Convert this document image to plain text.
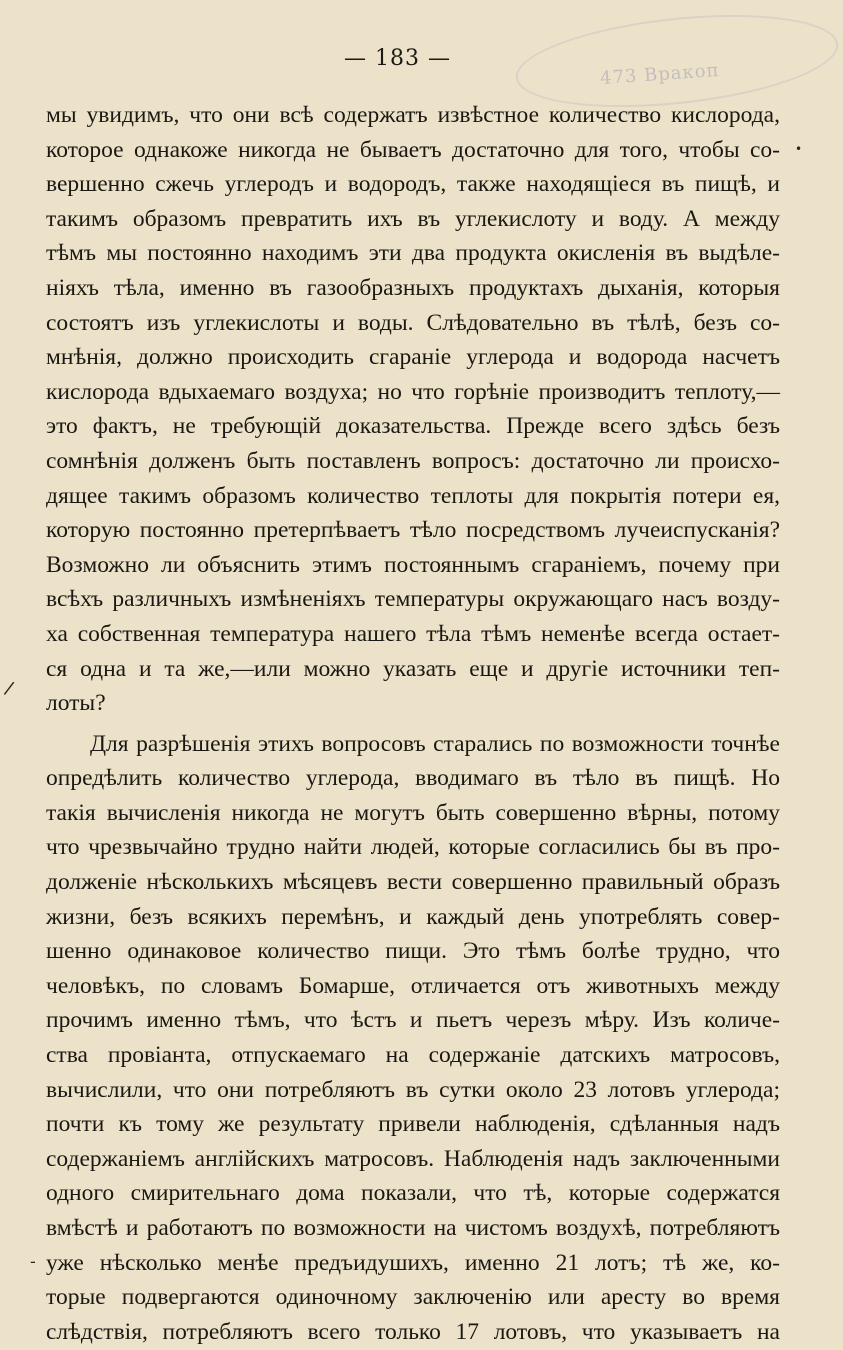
473 Вракоп
— 183 —
мы увидимъ, что они всѣ содержатъ извѣстное количество кислорода,
которое однакоже никогда не бываетъ достаточно для того, чтобы со-
вершенно сжечь углеродъ и водородъ, также находящіеся въ пищѣ, и
такимъ образомъ превратить ихъ въ углекислоту и воду. А между
тѣмъ мы постоянно находимъ эти два продукта окисленія въ выдѣле-
ніяхъ тѣла, именно въ газообразныхъ продуктахъ дыханія, которыя
состоятъ изъ углекислоты и воды. Слѣдовательно въ тѣлѣ, безъ со-
мнѣнія, должно происходить сгараніе углерода и водорода насчетъ
кислорода вдыхаемаго воздуха; но что горѣніе производитъ теплоту,—
это фактъ, не требующій доказательства. Прежде всего здѣсь безъ
сомнѣнія долженъ быть поставленъ вопросъ: достаточно ли происхо-
дящее такимъ образомъ количество теплоты для покрытія потери ея,
которую постоянно претерпѣваетъ тѣло посредствомъ лучеиспусканія?
Возможно ли объяснить этимъ постояннымъ сгараніемъ, почему при
всѣхъ различныхъ измѣненіяхъ температуры окружающаго насъ возду-
ха собственная температура нашего тѣла тѣмъ неменѣе всегда остает-
ся одна и та же,—или можно указать еще и другіе источники теп-
лоты?
Для разрѣшенія этихъ вопросовъ старались по возможности точнѣе
опредѣлить количество углерода, вводимаго въ тѣло въ пищѣ. Но
такія вычисленія никогда не могутъ быть совершенно вѣрны, потому
что чрезвычайно трудно найти людей, которые согласились бы въ про-
долженіе нѣсколькихъ мѣсяцевъ вести совершенно правильный образъ
жизни, безъ всякихъ перемѣнъ, и каждый день употреблять совер-
шенно одинаковое количество пищи. Это тѣмъ болѣе трудно, что
человѣкъ, по словамъ Бомарше, отличается отъ животныхъ между
прочимъ именно тѣмъ, что ѣстъ и пьетъ черезъ мѣру. Изъ количе-
ства провіанта, отпускаемаго на содержаніе датскихъ матросовъ,
вычислили, что они потребляютъ въ сутки около 23 лотовъ углерода;
почти къ тому же результату привели наблюденія, сдѣланныя надъ
содержаніемъ англійскихъ матросовъ. Наблюденія надъ заключенными
одного смирительнаго дома показали, что тѣ, которые содержатся
вмѣстѣ и работаютъ по возможности на чистомъ воздухѣ, потребляютъ
уже нѣсколько менѣе предъидушихъ, именно 21 лотъ; тѣ же, ко-
торые подвергаются одиночному заключенію или аресту во время
слѣдствія, потребляютъ всего только 17 лотовъ, что указываетъ на
•
/
-
